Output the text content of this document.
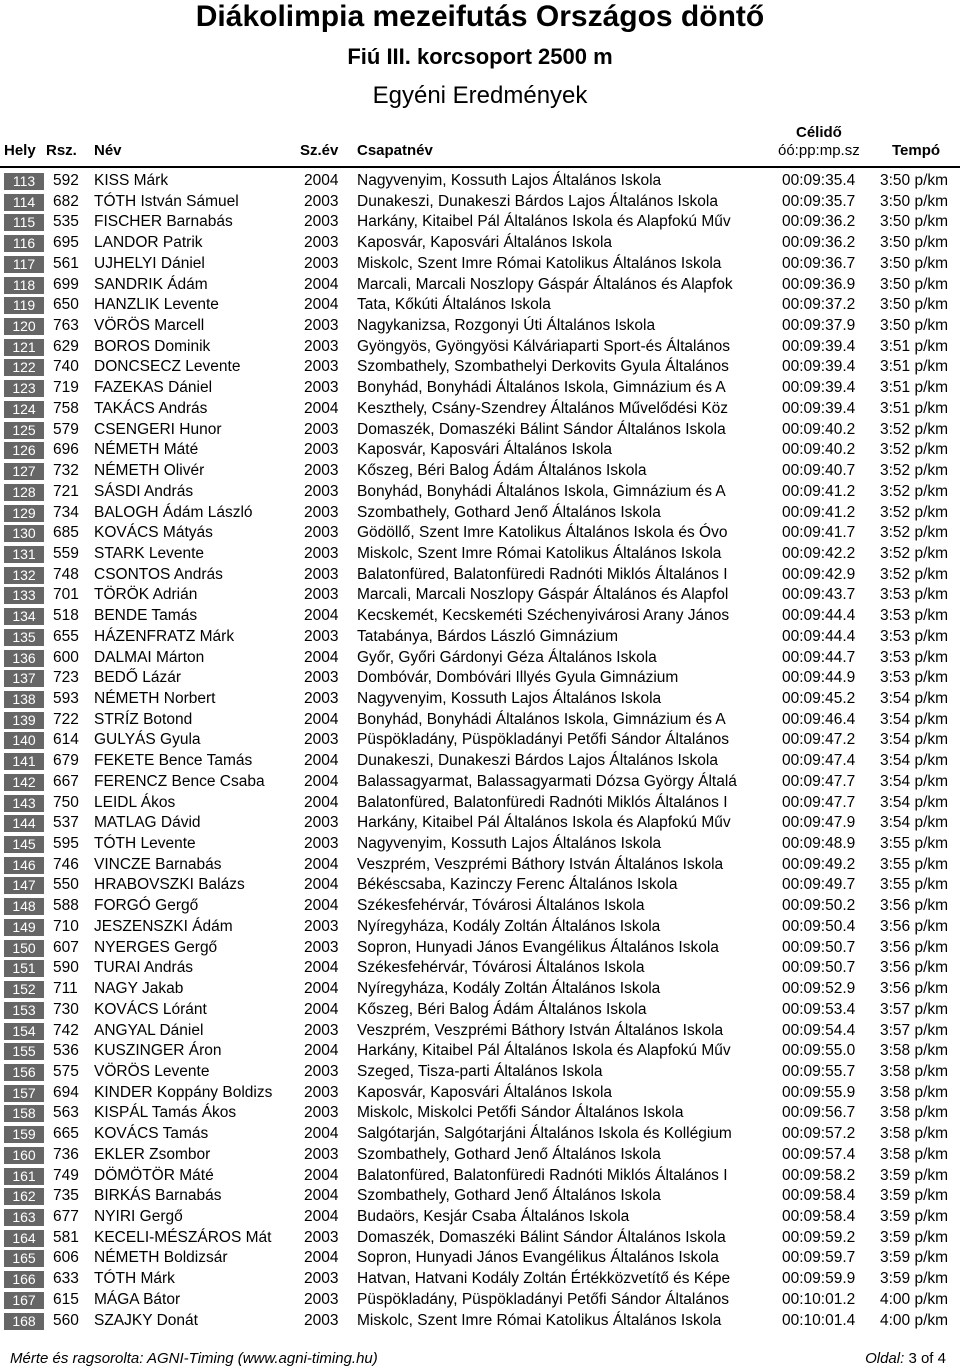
Diákolimpia mezeifutás Országos döntő
Fiú III. korcsoport 2500 m
Egyéni Eredmények
Hely Rsz. Név	Sz.év Csapatnév
Célidő
óó:pp:mp.sz Tempó
113	592 KISS Márk	2004	Nagyvenyim, Kossuth Lajos Általános Iskola	00:09:35.4	3:50 p/km
114	682 TÓTH István Sámuel	2003	Dunakeszi, Dunakeszi Bárdos Lajos Általános Iskola	00:09:35.7	3:50 p/km
115	535 FISCHER Barnabás	2003	Harkány, Kitaibel Pál Általános Iskola és Alapfokú Műv	00:09:36.2	3:50 p/km
116	695 LANDOR Patrik	2003	Kaposvár, Kaposvári Általános Iskola	00:09:36.2	3:50 p/km
117	561 UJHELYI Dániel	2003	Miskolc, Szent Imre Római Katolikus Általános Iskola	00:09:36.7	3:50 p/km
118	699 SANDRIK Ádám	2004	Marcali, Marcali Noszlopy Gáspár Általános és Alapfok	00:09:36.9	3:50 p/km
119	650 HANZLIK Levente	2004	Tata, Kőkúti Általános Iskola	00:09:37.2	3:50 p/km
120	763 VÖRÖS Marcell	2003	Nagykanizsa, Rozgonyi Úti Általános Iskola	00:09:37.9	3:50 p/km
121	629 BOROS Dominik	2003	Gyöngyös, Gyöngyösi Kálváriaparti Sport-és Általános	00:09:39.4	3:51 p/km
122	740 DONCSECZ Levente	2003	Szombathely, Szombathelyi Derkovits Gyula Általános	00:09:39.4	3:51 p/km
123	719 FAZEKAS Dániel	2003	Bonyhád, Bonyhádi Általános Iskola, Gimnázium és A	00:09:39.4	3:51 p/km
124	758 TAKÁCS András	2004	Keszthely, Csány-Szendrey Általános Művelődési Köz	00:09:39.4	3:51 p/km
125	579 CSENGERI Hunor	2003	Domaszék, Domaszéki Bálint Sándor Általános Iskola	00:09:40.2	3:52 p/km
126	696 NÉMETH Máté	2003	Kaposvár, Kaposvári Általános Iskola	00:09:40.2	3:52 p/km
127	732 NÉMETH Olivér	2003	Kőszeg, Béri Balog Ádám Általános Iskola	00:09:40.7	3:52 p/km
128	721 SÁSDI András	2003	Bonyhád, Bonyhádi Általános Iskola, Gimnázium és A	00:09:41.2	3:52 p/km
129	734 BALOGH Ádám László	2003	Szombathely, Gothard Jenő Általános Iskola	00:09:41.2	3:52 p/km
130	685 KOVÁCS Mátyás	2003	Gödöllő, Szent Imre Katolikus Általános Iskola és Óvo	00:09:41.7	3:52 p/km
131	559 STARK Levente	2003	Miskolc, Szent Imre Római Katolikus Általános Iskola	00:09:42.2	3:52 p/km
132	748 CSONTOS András	2003	Balatonfüred, Balatonfüredi Radnóti Miklós Általános I	00:09:42.9	3:52 p/km
133	701 TÖRÖK Adrián	2003	Marcali, Marcali Noszlopy Gáspár Általános és Alapfol	00:09:43.7	3:53 p/km
134	518 BENDE Tamás	2004	Kecskemét, Kecskeméti Széchenyivárosi Arany János	00:09:44.4	3:53 p/km
135	655 HÁZENFRATZ Márk	2003	Tatabánya, Bárdos László Gimnázium	00:09:44.4	3:53 p/km
136	600 DALMAI Márton	2004	Győr, Győri Gárdonyi Géza Általános Iskola	00:09:44.7	3:53 p/km
137	723 BEDŐ Lázár	2003	Dombóvár, Dombóvári Illyés Gyula Gimnázium	00:09:44.9	3:53 p/km
138	593 NÉMETH Norbert	2003	Nagyvenyim, Kossuth Lajos Általános Iskola	00:09:45.2	3:54 p/km
139	722 STRÍZ Botond	2004	Bonyhád, Bonyhádi Általános Iskola, Gimnázium és A	00:09:46.4	3:54 p/km
140	614 GULYÁS Gyula	2003	Püspökladány, Püspökladányi Petőfi Sándor Általános	00:09:47.2	3:54 p/km
141	679 FEKETE Bence Tamás	2004	Dunakeszi, Dunakeszi Bárdos Lajos Általános Iskola	00:09:47.4	3:54 p/km
142	667 FERENCZ Bence Csaba	2004	Balassagyarmat, Balassagyarmati Dózsa György Általá	00:09:47.7	3:54 p/km
143	750 LEIDL Ákos	2004	Balatonfüred, Balatonfüredi Radnóti Miklós Általános I	00:09:47.7	3:54 p/km
144	537 MATLAG Dávid	2003	Harkány, Kitaibel Pál Általános Iskola és Alapfokú Műv	00:09:47.9	3:54 p/km
145	595 TÓTH Levente	2003	Nagyvenyim, Kossuth Lajos Általános Iskola	00:09:48.9	3:55 p/km
146	746 VINCZE Barnabás	2004	Veszprém, Veszprémi Báthory István Általános Iskola	00:09:49.2	3:55 p/km
147	550 HRABOVSZKI Balázs	2004	Békéscsaba, Kazinczy Ferenc Általános Iskola	00:09:49.7	3:55 p/km
148	588 FORGÓ Gergő	2004	Székesfehérvár, Tóvárosi Általános Iskola	00:09:50.2	3:56 p/km
149	710 JESZENSZKI Ádám	2003	Nyíregyháza, Kodály Zoltán Általános Iskola	00:09:50.4	3:56 p/km
150	607 NYERGES Gergő	2003	Sopron, Hunyadi János Evangélikus Általános Iskola	00:09:50.7	3:56 p/km
151	590 TURAI András	2004	Székesfehérvár, Tóvárosi Általános Iskola	00:09:50.7	3:56 p/km
152	711	NAGY Jakab	2004	Nyíregyháza, Kodály Zoltán Általános Iskola	00:09:52.9	3:56 p/km
153	730 KOVÁCS Lóránt	2004	Kőszeg, Béri Balog Ádám Általános Iskola	00:09:53.4	3:57 p/km
154	742 ANGYAL Dániel	2003	Veszprém, Veszprémi Báthory István Általános Iskola	00:09:54.4	3:57 p/km
155	536 KUSZINGER Áron	2004	Harkány, Kitaibel Pál Általános Iskola és Alapfokú Műv	00:09:55.0	3:58 p/km
156	575 VÖRÖS Levente	2003	Szeged, Tisza-parti Általános Iskola	00:09:55.7	3:58 p/km
157	694 KINDER Koppány Boldizs	2003	Kaposvár, Kaposvári Általános Iskola	00:09:55.9	3:58 p/km
158	563 KISPÁL Tamás Ákos	2003	Miskolc, Miskolci Petőfi Sándor Általános Iskola	00:09:56.7	3:58 p/km
159	665 KOVÁCS Tamás	2004	Salgótarján, Salgótarjáni Általános Iskola és Kollégium	00:09:57.2	3:58 p/km
160	736 EKLER Zsombor	2003	Szombathely, Gothard Jenő Általános Iskola	00:09:57.4	3:58 p/km
161	749 DÖMÖTÖR Máté	2004	Balatonfüred, Balatonfüredi Radnóti Miklós Általános I	00:09:58.2	3:59 p/km
162	735 BIRKÁS Barnabás	2004	Szombathely, Gothard Jenő Általános Iskola	00:09:58.4	3:59 p/km
163	677 NYIRI Gergő	2004	Budaörs, Kesjár Csaba Általános Iskola	00:09:58.4	3:59 p/km
164	581 KECELI-MÉSZÁROS Mát	2003	Domaszék, Domaszéki Bálint Sándor Általános Iskola	00:09:59.2	3:59 p/km
165	606 NÉMETH Boldizsár	2004	Sopron, Hunyadi János Evangélikus Általános Iskola	00:09:59.7	3:59 p/km
166	633 TÓTH Márk	2003	Hatvan, Hatvani Kodály Zoltán Értékközvetítő és Képe	00:09:59.9	3:59 p/km
167	615 MÁGA Bátor	2003	Püspökladány, Püspökladányi Petőfi Sándor Általános	00:10:01.2	4:00 p/km
168	560 SZAJKY Donát	2003	Miskolc, Szent Imre Római Katolikus Általános Iskola	00:10:01.4	4:00 p/km
Mérte és ragsorolta: AGNI-Timing (www.agni-timing.hu)	Oldal: 3 of 4
